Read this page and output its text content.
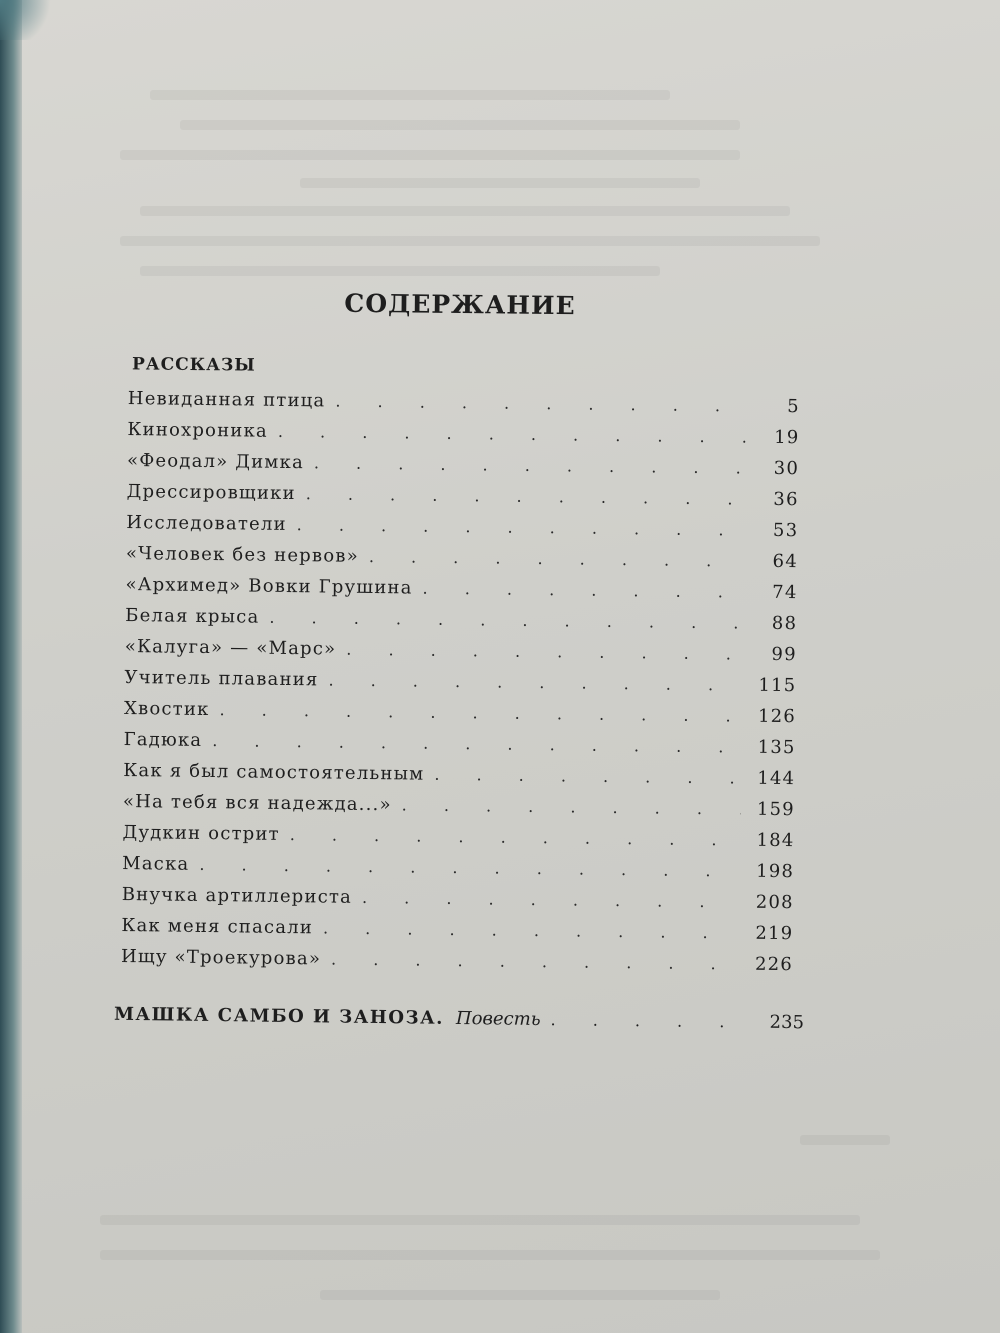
СОДЕРЖАНИЕ
РАССКАЗЫ
Невиданная птица . . .	5
Кинохроника . . .	19
«Феодал» Димка . . .	30
Дрессировщики . . .	36
Исследователи . . .	53
«Человек без нервов» . . .	64
«Архимед» Вовки Грушина . . .	74
Белая крыса . . .	88
«Калуга» — «Марс» . . .	99
Учитель плавания . . .	115
Хвостик . . .	126
Гадюка . . .	135
Как я был самостоятельным . . .	144
«На тебя вся надежда...» . . .	159
Дудкин острит . . .	184
Маска . . .	198
Внучка артиллериста . . .	208
Как меня спасали . . .	219
Ищу «Троекурова» . . .	226
МАШКА САМБО И ЗАНОЗА. Повесть . . .	235
